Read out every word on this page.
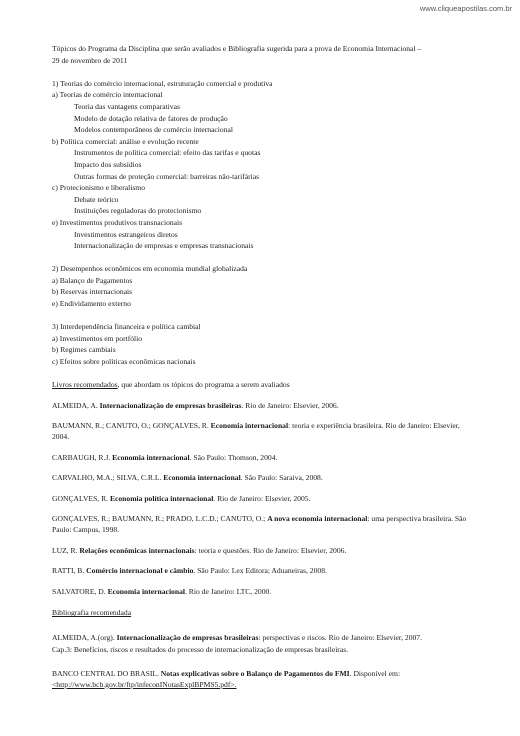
www.cliqueapostilas.com.br
Tópicos do Programa da Disciplina que serão avaliados e Bibliografia sugerida para a prova de Economia Internacional –
29 de novembro de 2011
1) Teorias do comércio internacional, estruturação comercial e produtiva
a) Teorias de comércio internacional
Teoria das vantagens comparativas
Modelo de dotação relativa de fatores de produção
Modelos contemporâneos de comércio internacional
b) Política comercial: análise e evolução recente
Instrumentos de política comercial: efeito das tarifas e quotas
Impacto dos subsídios
Outras formas de proteção comercial: barreiras não-tarifárias
c) Protecionismo e liberalismo
Debate teórico
Instituições reguladoras do protecionismo
e) Investimentos produtivos transnacionais
Investimentos estrangeiros diretos
Internacionalização de empresas e empresas transnacionais
2) Desempenhos econômicos em economia mundial globalizada
a) Balanço de Pagamentos
b) Reservas internacionais
e) Endividamento externo
3) Interdependência financeira e política cambial
a) Investimentos em portfólio
b) Regimes cambiais
c) Efeitos sobre políticas econômicas nacionais
Livros recomendados, que abordam os tópicos do programa a serem avaliados
ALMEIDA, A. Internacionalização de empresas brasileiras. Rio de Janeiro: Elsevier, 2006.
BAUMANN, R.; CANUTO, O.; GONÇALVES, R. Economia internacional: teoria e experiência brasileira. Rio de Janeiro: Elsevier, 2004.
CARBAUGH, R.J. Economia internacional. São Paulo: Thomson, 2004.
CARVALHO, M.A.; SILVA, C.R.L. Economia internacional. São Paulo: Saraiva, 2008.
GONÇALVES, R. Economia política internacional. Rio de Janeiro: Elsevier, 2005.
GONÇALVES, R.; BAUMANN, R.; PRADO, L.C.D.; CANUTO, O.; A nova economia internacional: uma perspectiva brasileira. São Paulo: Campus, 1998.
LUZ, R. Relações econômicas internacionais: teoria e questões. Rio de Janeiro: Elsevier, 2006.
RATTI, B. Comércio internacional e câmbio. São Paulo: Lex Editora; Aduaneiras, 2008.
SALVATORE, D. Economia internacional. Rio de Janeiro: LTC, 2000.
Bibliografia recomendada
ALMEIDA, A.(org). Internacionalização de empresas brasileiras: perspectivas e riscos. Rio de Janeiro: Elsevier, 2007.
Cap.3: Benefícios, riscos e resultados do processo de internacionalização de empresas brasileiras.
BANCO CENTRAL DO BRASIL. Notas explicativas sobre o Balanço de Pagamentos do FMI. Disponível em:
<http://www.bcb.gov.br/ftp/infeconINotasExplBPMS5.pdf>.
